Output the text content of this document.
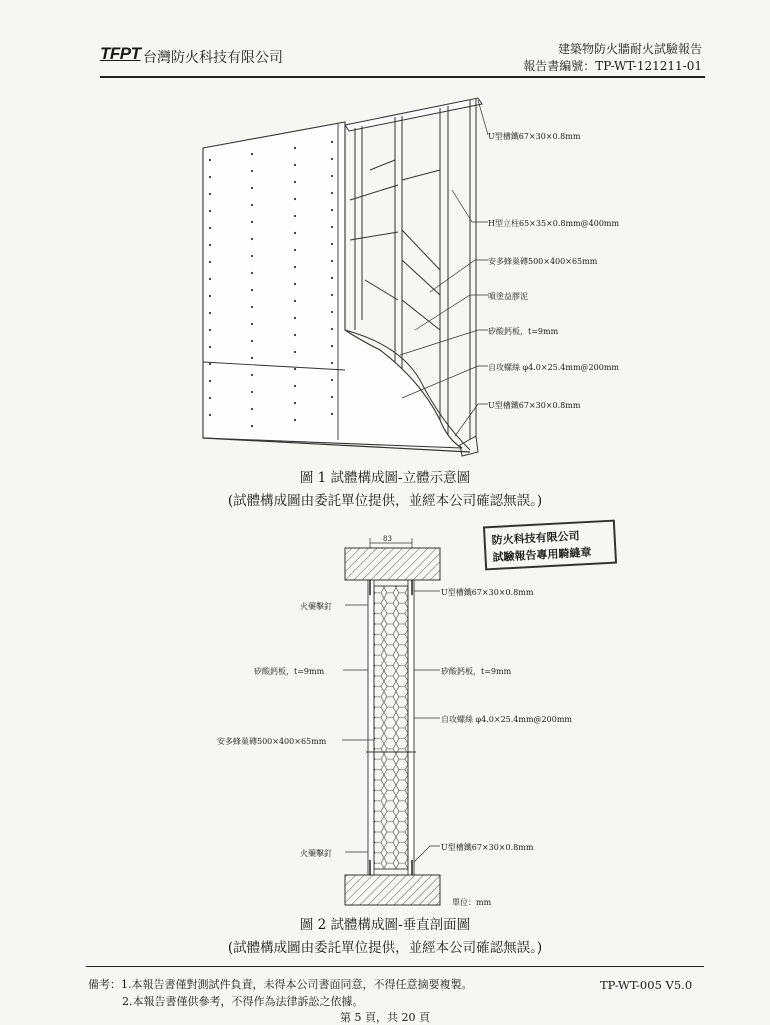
TFPT 台灣防火科技有限公司
建築物防火牆耐火試驗報告
報告書編號：TP-WT-121211-01
U型槽鐵67×30×0.8mm
H型立柱65×35×0.8mm@400mm
安多蜂巢磚500×400×65mm
噴塗益膠泥
矽酸鈣板，t=9mm
自攻螺絲 φ4.0×25.4mm@200mm
U型槽鐵67×30×0.8mm
圖 1 試體構成圖-立體示意圖
(試體構成圖由委託單位提供，並經本公司確認無誤。)
防火科技有限公司
試驗報告專用騎縫章
83
火藥擊釘
U型槽鐵67×30×0.8mm
矽酸鈣板，t=9mm	矽酸鈣板，t=9mm
自攻螺絲 φ4.0×25.4mm@200mm
安多蜂巢磚500×400×65mm
火藥擊釘
U型槽鐵67×30×0.8mm
單位：mm
圖 2 試體構成圖-垂直剖面圖
(試體構成圖由委託單位提供，並經本公司確認無誤。)
備考：1.本報告書僅對測試件負責，未得本公司書面同意，不得任意摘要複製。
2.本報告書僅供參考，不得作為法律訴訟之依據。
TP-WT-005 V5.0
第 5 頁，共 20 頁
